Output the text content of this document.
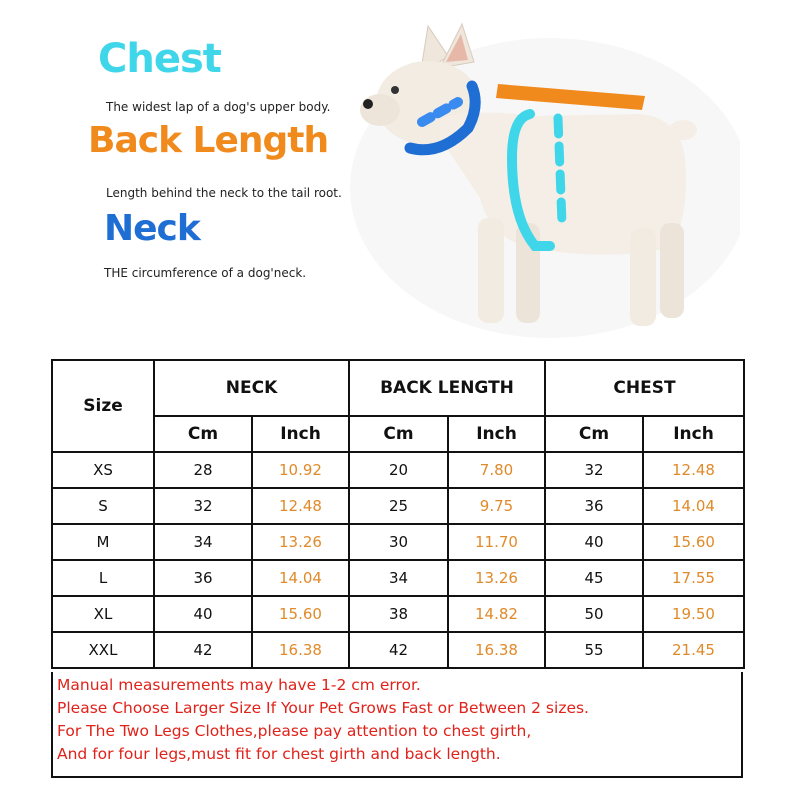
Chest
The widest lap of a dog's upper body.
Back Length
Length behind the neck to the tail root.
Neck
THE circumference of a dog'neck.
Size	NECK		BACK LENGTH		CHEST	
	Cm	Inch	Cm	Inch	Cm	Inch
XS	28	10.92	20	7.80	32	12.48
S	32	12.48	25	9.75	36	14.04
M	34	13.26	30	11.70	40	15.60
L	36	14.04	34	13.26	45	17.55
XL	40	15.60	38	14.82	50	19.50
XXL	42	16.38	42	16.38	55	21.45
Manual measurements may have 1-2 cm error.
Please Choose Larger Size If Your Pet Grows Fast or Between 2 sizes.
For The Two Legs Clothes,please pay attention to chest girth,
And for four legs,must fit for chest girth and back length.
